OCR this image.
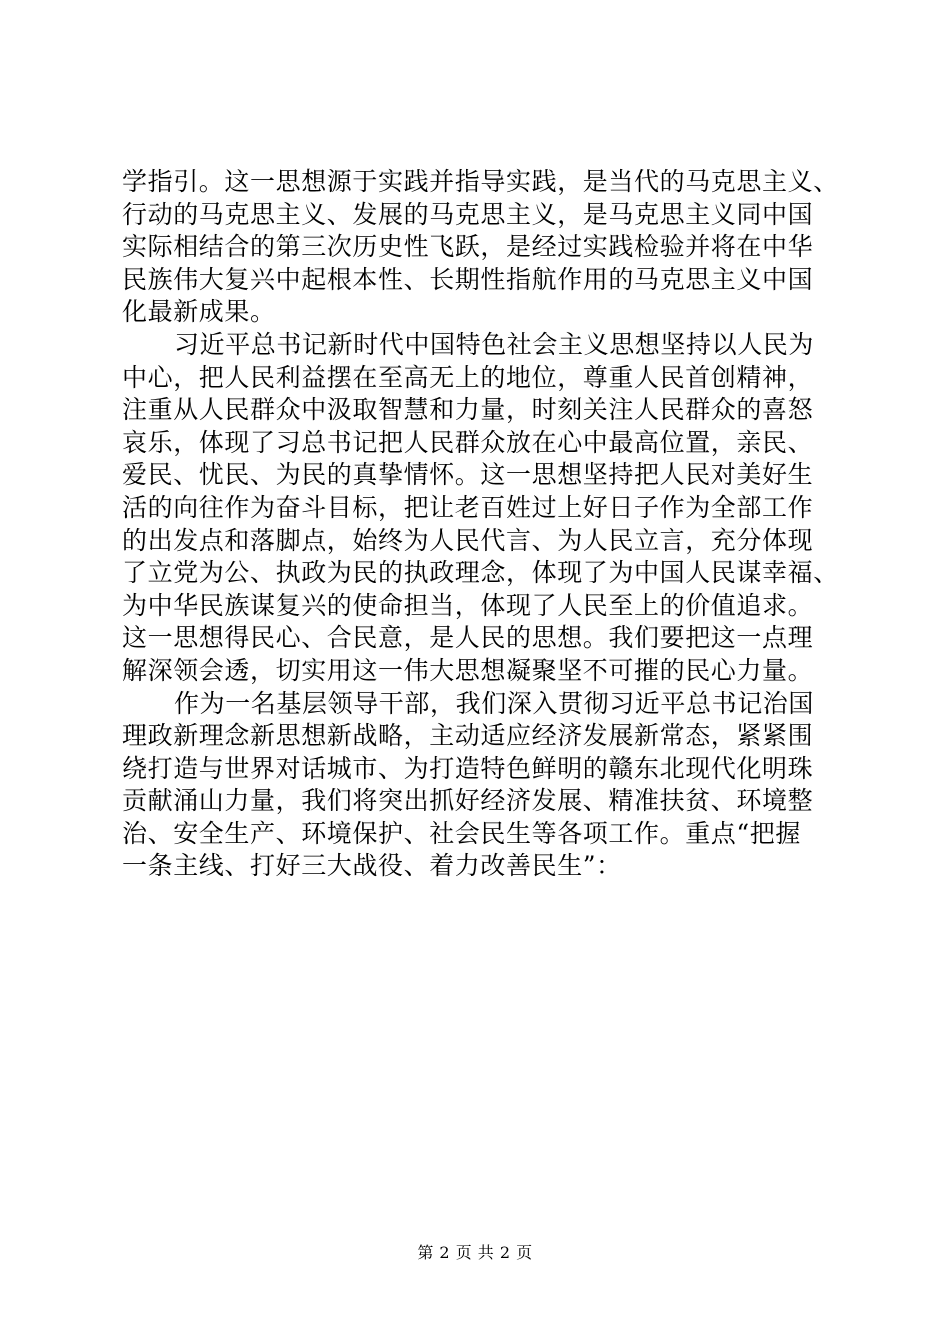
学指引。这一思想源于实践并指导实践，是当代的马克思主义、
行动的马克思主义、发展的马克思主义，是马克思主义同中国
实际相结合的第三次历史性飞跃，是经过实践检验并将在中华
民族伟大复兴中起根本性、长期性指航作用的马克思主义中国
化最新成果。
习近平总书记新时代中国特色社会主义思想坚持以人民为
中心，把人民利益摆在至高无上的地位，尊重人民首创精神，
注重从人民群众中汲取智慧和力量，时刻关注人民群众的喜怒
哀乐，体现了习总书记把人民群众放在心中最高位置，亲民、
爱民、忧民、为民的真挚情怀。这一思想坚持把人民对美好生
活的向往作为奋斗目标，把让老百姓过上好日子作为全部工作
的出发点和落脚点，始终为人民代言、为人民立言，充分体现
了立党为公、执政为民的执政理念，体现了为中国人民谋幸福、
为中华民族谋复兴的使命担当，体现了人民至上的价值追求。
这一思想得民心、合民意，是人民的思想。我们要把这一点理
解深领会透，切实用这一伟大思想凝聚坚不可摧的民心力量。
作为一名基层领导干部，我们深入贯彻习近平总书记治国
理政新理念新思想新战略，主动适应经济发展新常态，紧紧围
绕打造与世界对话城市、为打造特色鲜明的赣东北现代化明珠
贡献涌山力量，我们将突出抓好经济发展、精准扶贫、环境整
治、安全生产、环境保护、社会民生等各项工作。重点“把握
一条主线、打好三大战役、着力改善民生”：
第 2 页 共 2 页
